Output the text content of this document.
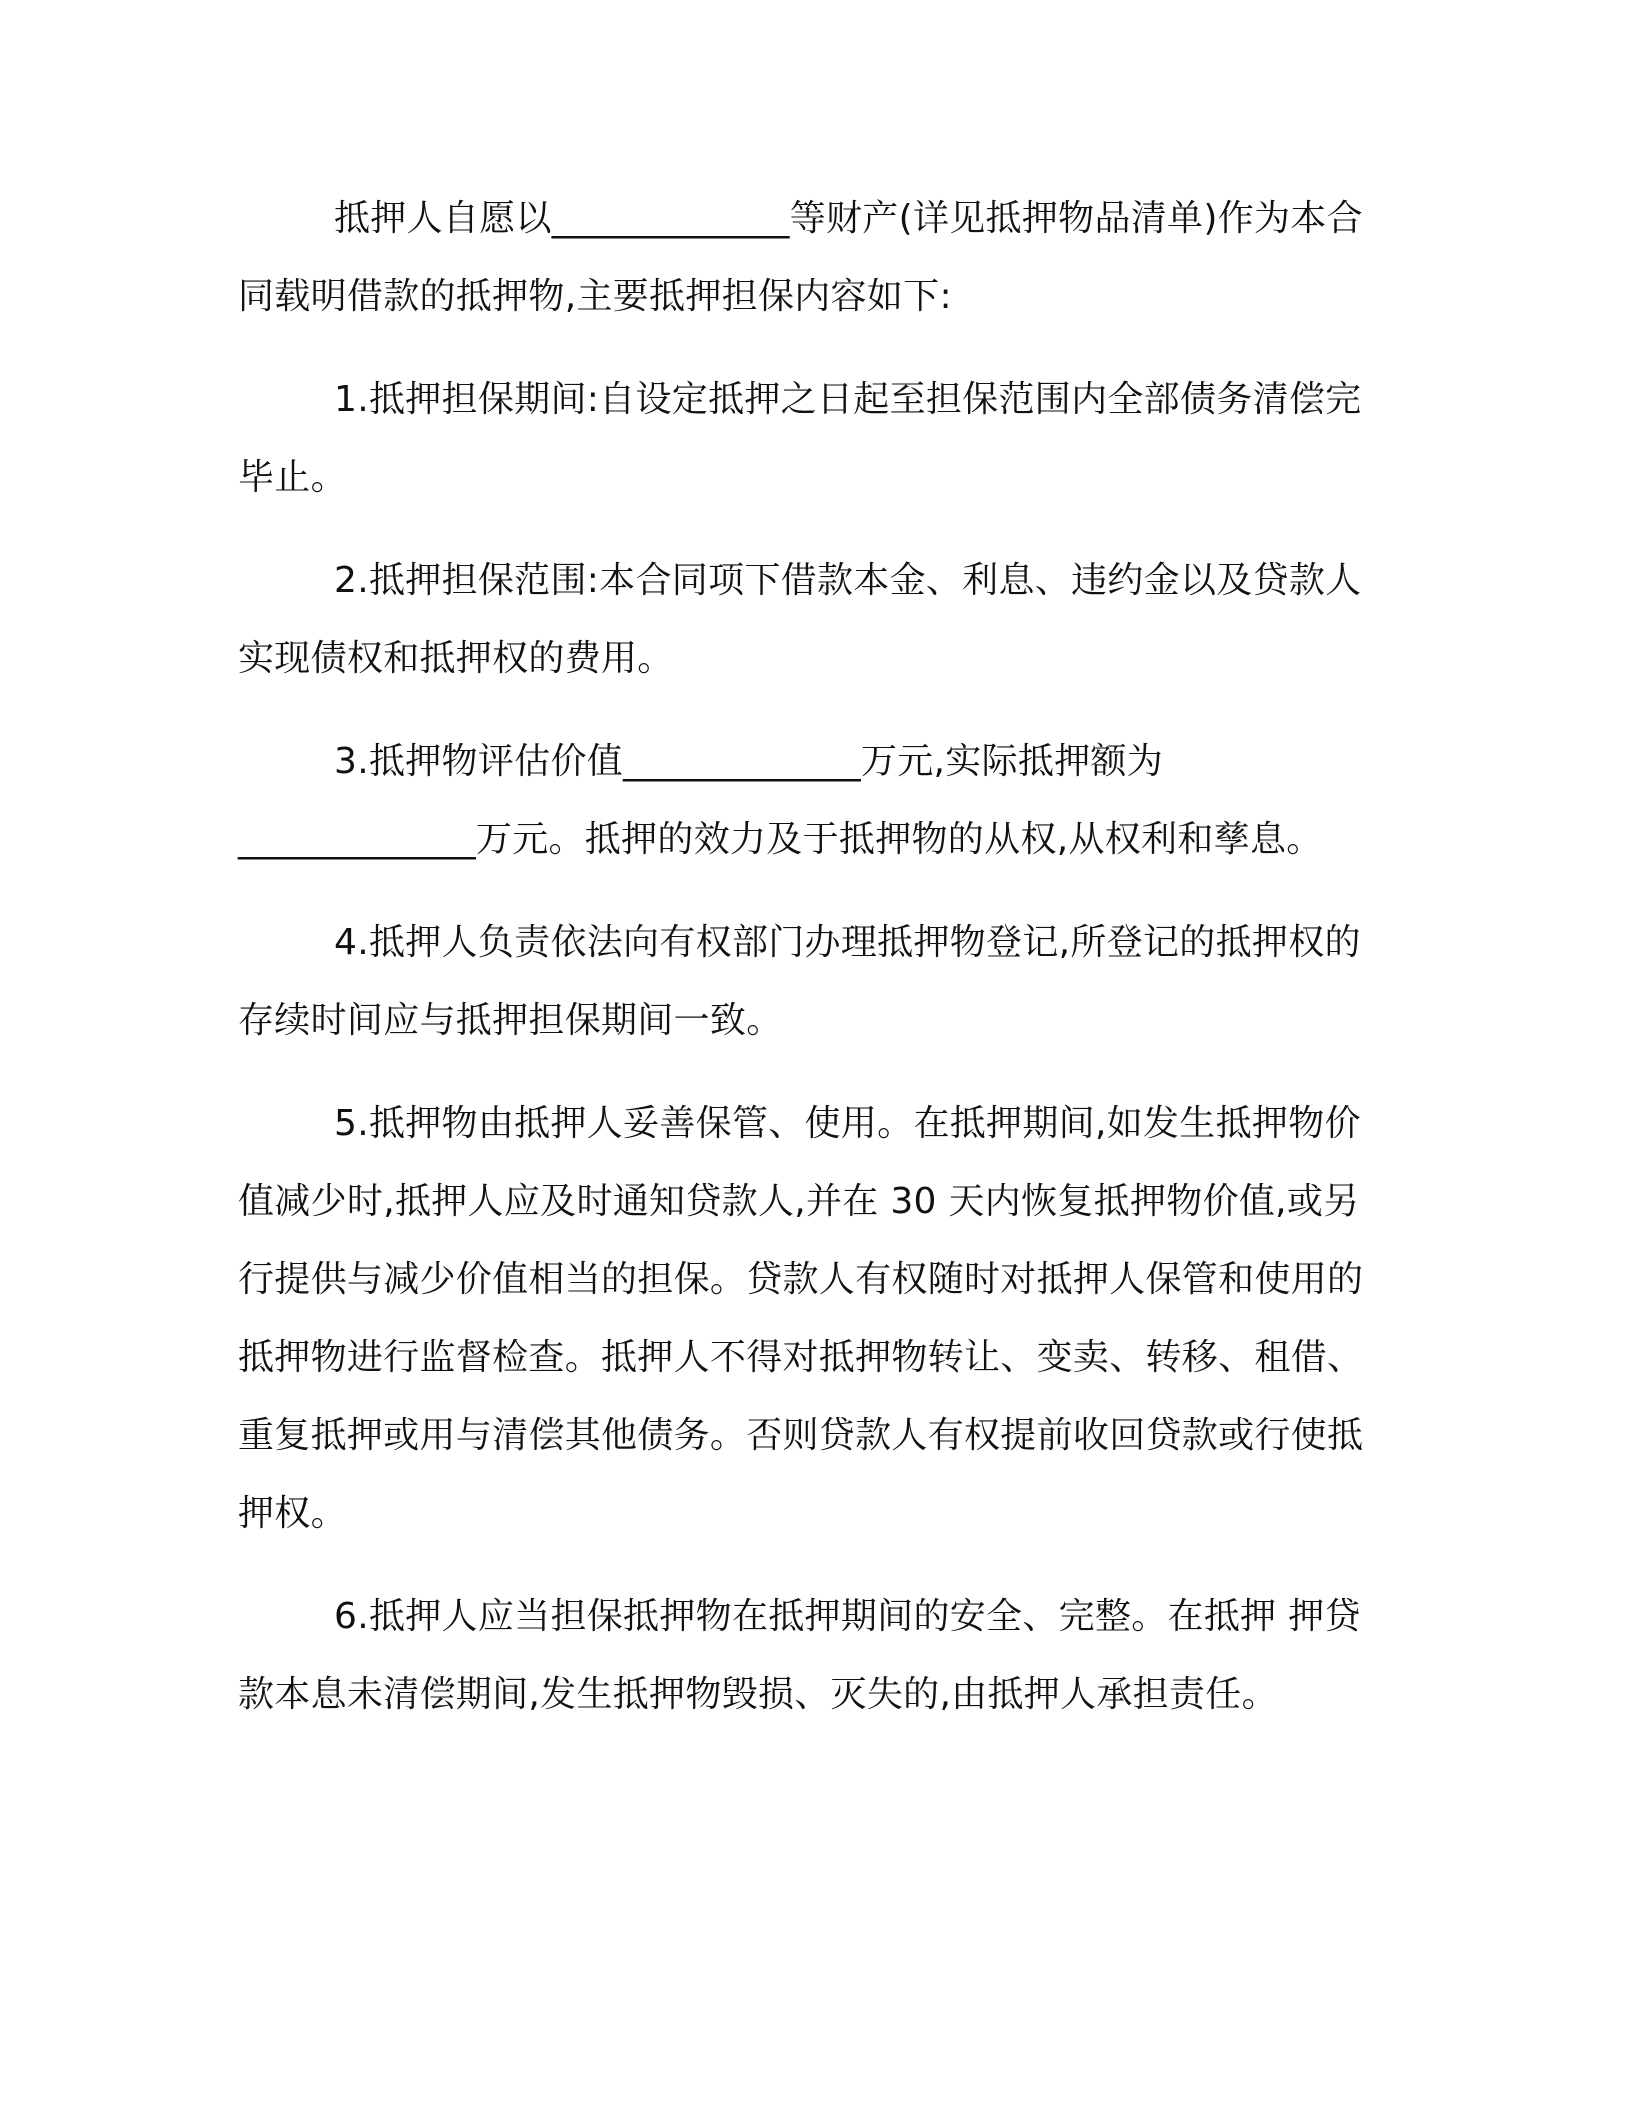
抵押人自愿以_____________等财产(详见抵押物品清单)作为本合同载明借款的抵押物,主要抵押担保内容如下:

1.抵押担保期间:自设定抵押之日起至担保范围内全部债务清偿完毕止。

2.抵押担保范围:本合同项下借款本金、利息、违约金以及贷款人实现债权和抵押权的费用。

3.抵押物评估价值_____________万元,实际抵押额为_____________万元。抵押的效力及于抵押物的从权,从权利和孳息。

4.抵押人负责依法向有权部门办理抵押物登记,所登记的抵押权的存续时间应与抵押担保期间一致。

5.抵押物由抵押人妥善保管、使用。在抵押期间,如发生抵押物价值减少时,抵押人应及时通知贷款人,并在 30 天内恢复抵押物价值,或另行提供与减少价值相当的担保。贷款人有权随时对抵押人保管和使用的抵押物进行监督检查。抵押人不得对抵押物转让、变卖、转移、租借、重复抵押或用与清偿其他债务。否则贷款人有权提前收回贷款或行使抵押权。

6.抵押人应当担保抵押物在抵押期间的安全、完整。在抵押 押贷款本息未清偿期间,发生抵押物毁损、灭失的,由抵押人承担责任。
